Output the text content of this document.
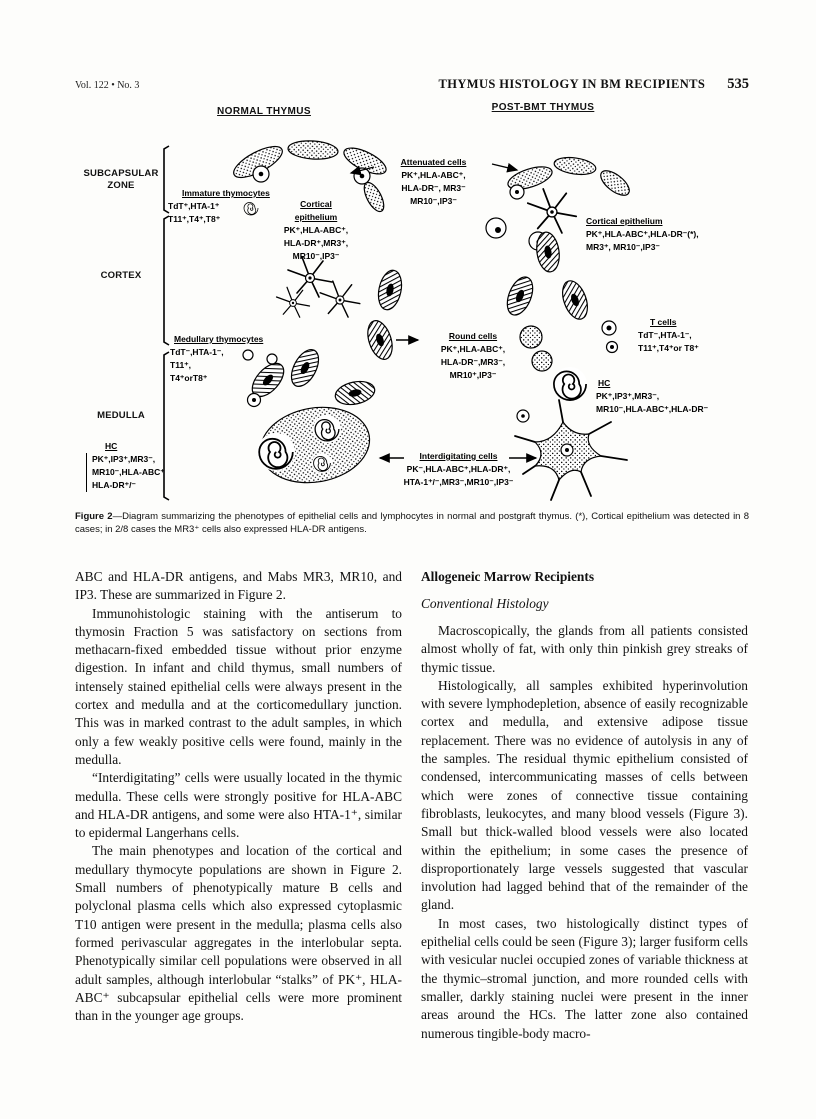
Vol. 122 • No. 3	THYMUS HISTOLOGY IN BM RECIPIENTS 535
NORMAL THYMUS	POST-BMT THYMUS
SUBCAPSULAR
ZONE
CORTEX
MEDULLA
Immature thymocytes
TdT⁺,HTA-1⁺
T11⁺,T4⁺,T8⁺
Cortical
epithelium
PK⁺,HLA-ABC⁺,
HLA-DR⁺,MR3⁺,
MR10⁻,IP3⁻
Attenuated cells
PK⁺,HLA-ABC⁺,
HLA-DR⁻, MR3⁻
MR10⁻,IP3⁻
Cortical epithelium
PK⁺,HLA-ABC⁺,HLA-DR⁻(*),
MR3⁺, MR10⁻,IP3⁻
T cells
TdT⁻,HTA-1⁻,
T11⁺,T4⁺or T8⁺
Medullary thymocytes
TdT⁻,HTA-1⁻,
T11⁺,
T4⁺orT8⁺
Round cells
PK⁺,HLA-ABC⁺,
HLA-DR⁻,MR3⁻,
MR10⁺,IP3⁻
HC
PK⁺,IP3⁺,MR3⁻,
MR10⁻,HLA-ABC⁺,HLA-DR⁻
HC
PK⁺,IP3⁺,MR3⁻,
MR10⁻,HLA-ABC⁺
HLA-DR⁺/⁻
Interdigitating cells
PK⁻,HLA-ABC⁺,HLA-DR⁺,
HTA-1⁺/⁻,MR3⁻,MR10⁻,IP3⁻
Figure 2—Diagram summarizing the phenotypes of epithelial cells and lymphocytes in normal and postgraft thymus. (*), Cortical epithelium was detected in 8 cases; in 2/8 cases the MR3⁺ cells also expressed HLA-DR antigens.

ABC and HLA-DR antigens, and Mabs MR3, MR10, and IP3. These are summarized in Figure 2.

Immunohistologic staining with the antiserum to thymosin Fraction 5 was satisfactory on sections from methacarn-fixed embedded tissue without prior enzyme digestion. In infant and child thymus, small numbers of intensely stained epithelial cells were always present in the cortex and medulla and at the corticomedullary junction. This was in marked contrast to the adult samples, in which only a few weakly positive cells were found, mainly in the medulla.

“Interdigitating” cells were usually located in the thymic medulla. These cells were strongly positive for HLA-ABC and HLA-DR antigens, and some were also HTA-1⁺, similar to epidermal Langerhans cells.

The main phenotypes and location of the cortical and medullary thymocyte populations are shown in Figure 2. Small numbers of phenotypically mature B cells and polyclonal plasma cells which also expressed cytoplasmic T10 antigen were present in the medulla; plasma cells also formed perivascular aggregates in the interlobular septa. Phenotypically similar cell populations were observed in all adult samples, although interlobular “stalks” of PK⁺, HLA-ABC⁺ subcapsular epithelial cells were more prominent than in the younger age groups.

Allogeneic Marrow Recipients
Conventional Histology

Macroscopically, the glands from all patients consisted almost wholly of fat, with only thin pinkish grey streaks of thymic tissue.

Histologically, all samples exhibited hyperinvolution with severe lymphodepletion, absence of easily recognizable cortex and medulla, and extensive adipose tissue replacement. There was no evidence of autolysis in any of the samples. The residual thymic epithelium consisted of condensed, intercommunicating masses of cells between which were zones of connective tissue containing fibroblasts, leukocytes, and many blood vessels (Figure 3). Small but thick-walled blood vessels were also located within the epithelium; in some cases the presence of disproportionately large vessels suggested that vascular involution had lagged behind that of the remainder of the gland.

In most cases, two histologically distinct types of epithelial cells could be seen (Figure 3); larger fusiform cells with vesicular nuclei occupied zones of variable thickness at the thymic–stromal junction, and more rounded cells with smaller, darkly staining nuclei were present in the inner areas around the HCs. The latter zone also contained numerous tingible-body macro-
